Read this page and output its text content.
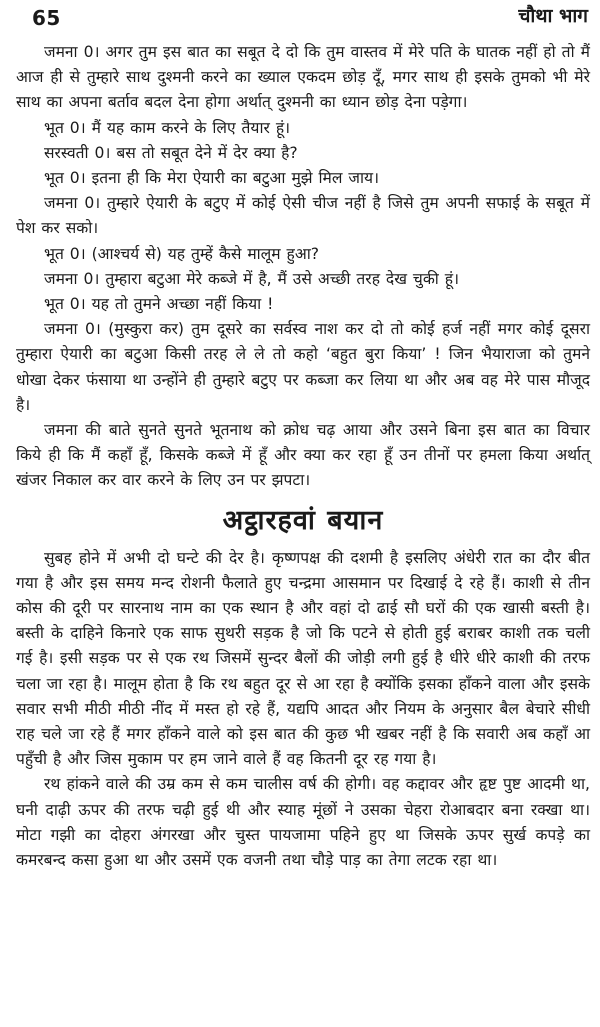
65	चौथा भाग

जमना 0। अगर तुम इस बात का सबूत दे दो कि तुम वास्तव में मेरे पति के घातक नहीं हो तो मैं आज ही से तुम्हारे साथ दुश्मनी करने का ख्याल एकदम छोड़ दूँ, मगर साथ ही इसके तुमको भी मेरे साथ का अपना बर्ताव बदल देना होगा अर्थात् दुश्मनी का ध्यान छोड़ देना पड़ेगा।

भूत 0। मैं यह काम करने के लिए तैयार हूं।

सरस्वती 0। बस तो सबूत देने में देर क्या है?

भूत 0। इतना ही कि मेरा ऐयारी का बटुआ मुझे मिल जाय।

जमना 0। तुम्हारे ऐयारी के बटुए में कोई ऐसी चीज नहीं है जिसे तुम अपनी सफाई के सबूत में पेश कर सको।

भूत 0। (आश्चर्य से) यह तुम्हें कैसे मालूम हुआ?

जमना 0। तुम्हारा बटुआ मेरे कब्जे में है, मैं उसे अच्छी तरह देख चुकी हूं।

भूत 0। यह तो तुमने अच्छा नहीं किया !

जमना 0। (मुस्कुरा कर) तुम दूसरे का सर्वस्व नाश कर दो तो कोई हर्ज नहीं मगर कोई दूसरा तुम्हारा ऐयारी का बटुआ किसी तरह ले ले तो कहो ‘बहुत बुरा किया’ ! जिन भैयाराजा को तुमने धोखा देकर फंसाया था उन्होंने ही तुम्हारे बटुए पर कब्जा कर लिया था और अब वह मेरे पास मौजूद है।

जमना की बाते सुनते सुनते भूतनाथ को क्रोध चढ़ आया और उसने बिना इस बात का विचार किये ही कि मैं कहाँ हूँ, किसके कब्जे में हूँ और क्या कर रहा हूँ उन तीनों पर हमला किया अर्थात् खंजर निकाल कर वार करने के लिए उन पर झपटा।

अट्ठारहवां बयान

सुबह होने में अभी दो घन्टे की देर है। कृष्णपक्ष की दशमी है इसलिए अंधेरी रात का दौर बीत गया है और इस समय मन्द रोशनी फैलाते हुए चन्द्रमा आसमान पर दिखाई दे रहे हैं। काशी से तीन कोस की दूरी पर सारनाथ नाम का एक स्थान है और वहां दो ढाई सौ घरों की एक खासी बस्ती है। बस्ती के दाहिने किनारे एक साफ सुथरी सड़क है जो कि पटने से होती हुई बराबर काशी तक चली गई है। इसी सड़क पर से एक रथ जिसमें सुन्दर बैलों की जोड़ी लगी हुई है धीरे धीरे काशी की तरफ चला जा रहा है। मालूम होता है कि रथ बहुत दूर से आ रहा है क्योंकि इसका हाँकने वाला और इसके सवार सभी मीठी मीठी नींद में मस्त हो रहे हैं, यद्यपि आदत और नियम के अनुसार बैल बेचारे सीधी राह चले जा रहे हैं मगर हाँकने वाले को इस बात की कुछ भी खबर नहीं है कि सवारी अब कहाँ आ पहुँची है और जिस मुकाम पर हम जाने वाले हैं वह कितनी दूर रह गया है।

रथ हांकने वाले की उम्र कम से कम चालीस वर्ष की होगी। वह कद्दावर और हृष्ट पुष्ट आदमी था, घनी दाढ़ी ऊपर की तरफ चढ़ी हुई थी और स्याह मूंछों ने उसका चेहरा रोआबदार बना रक्खा था। मोटा गझी का दोहरा अंगरखा और चुस्त पायजामा पहिने हुए था जिसके ऊपर सुर्ख कपड़े का कमरबन्द कसा हुआ था और उसमें एक वजनी तथा चौड़े पाड़ का तेगा लटक रहा था।
